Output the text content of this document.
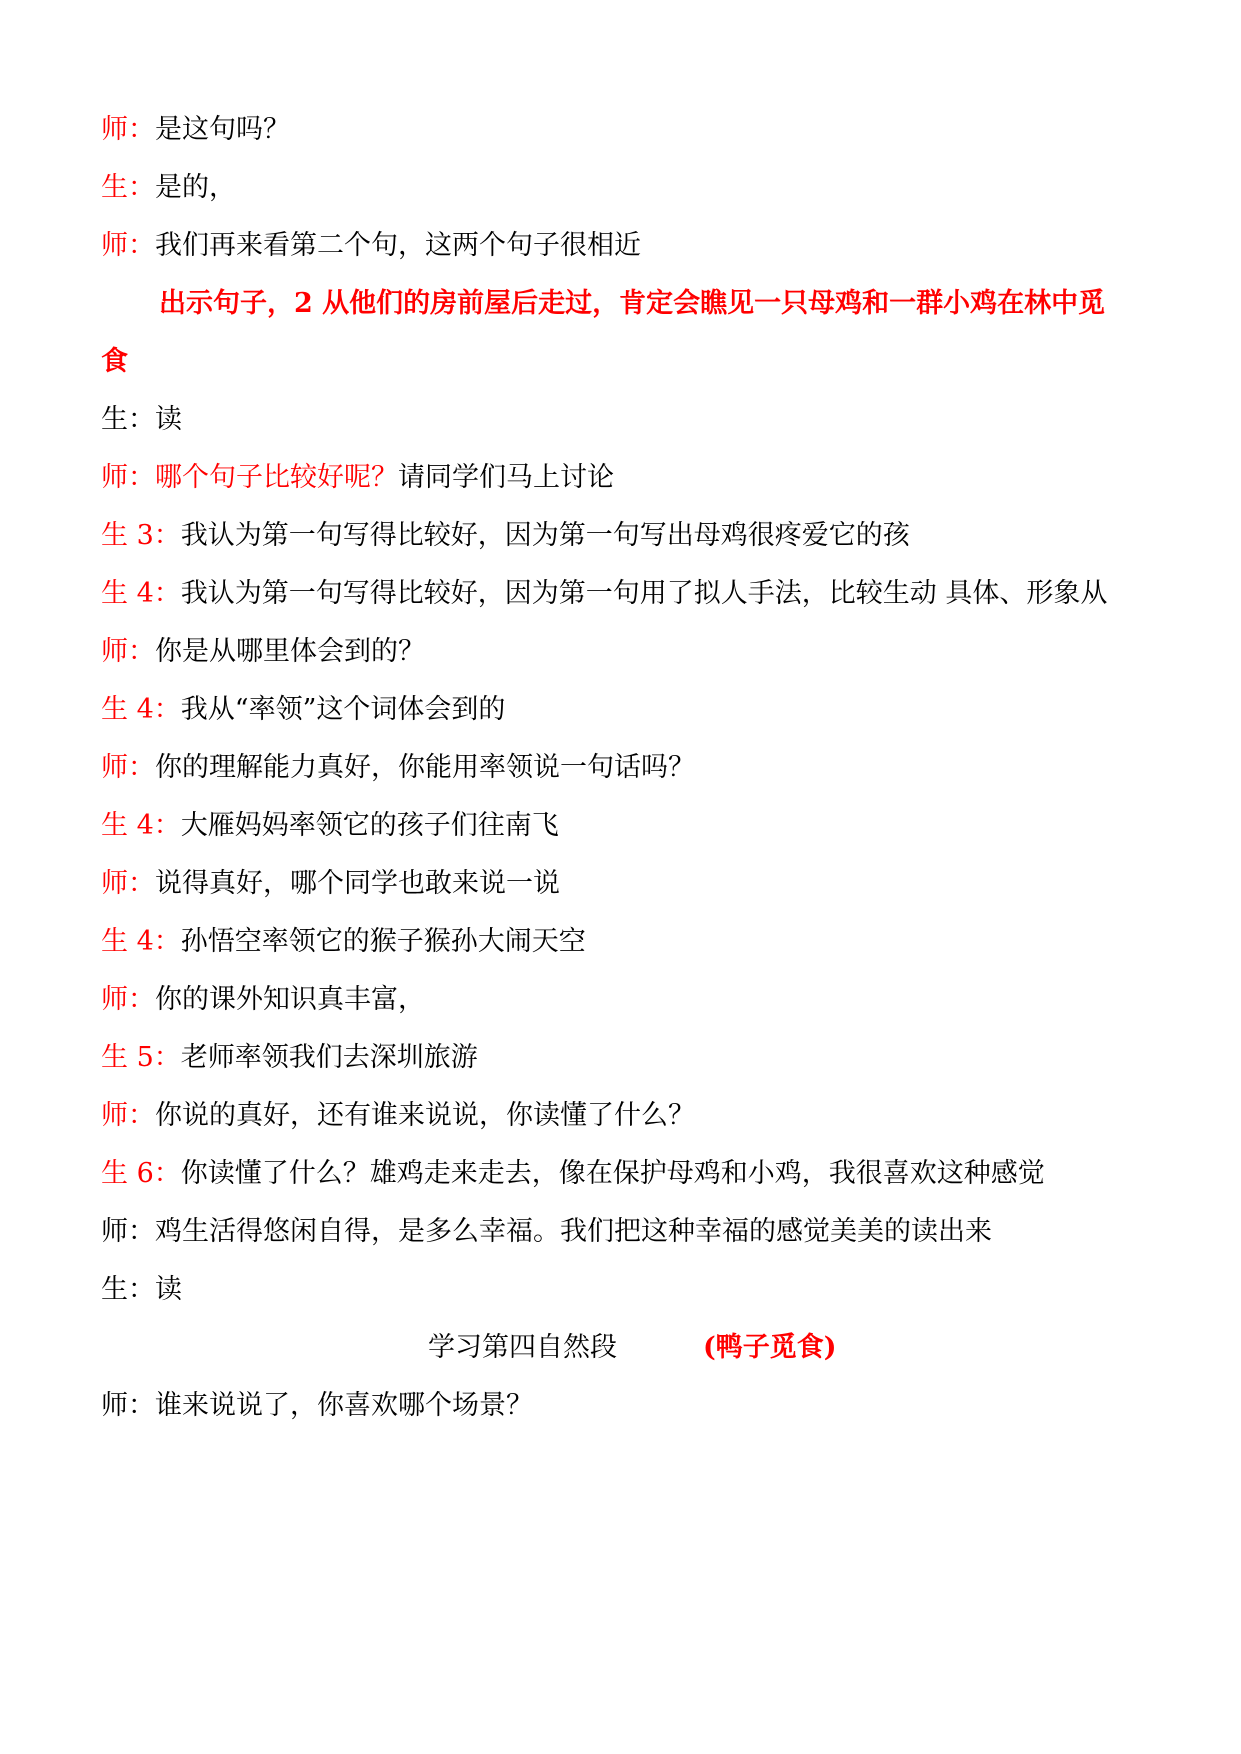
师：是这句吗？
生：是的，
师：我们再来看第二个句，这两个句子很相近
出示句子，2 从他们的房前屋后走过，肯定会瞧见一只母鸡和一群小鸡在林中觅
食
生：读
师：哪个句子比较好呢？请同学们马上讨论
生 3：我认为第一句写得比较好，因为第一句写出母鸡很疼爱它的孩
生 4：我认为第一句写得比较好，因为第一句用了拟人手法，比较生动 具体、形象从
师：你是从哪里体会到的？
生 4：我从“率领”这个词体会到的
师：你的理解能力真好，你能用率领说一句话吗？
生 4：大雁妈妈率领它的孩子们往南飞
师：说得真好，哪个同学也敢来说一说
生 4：孙悟空率领它的猴子猴孙大闹天空
师：你的课外知识真丰富，
生 5：老师率领我们去深圳旅游
师：你说的真好，还有谁来说说，你读懂了什么？
生 6：你读懂了什么？雄鸡走来走去，像在保护母鸡和小鸡，我很喜欢这种感觉
师：鸡生活得悠闲自得，是多么幸福。我们把这种幸福的感觉美美的读出来
生：读
学习第四自然段	(鸭子觅食)
师：谁来说说了，你喜欢哪个场景？
